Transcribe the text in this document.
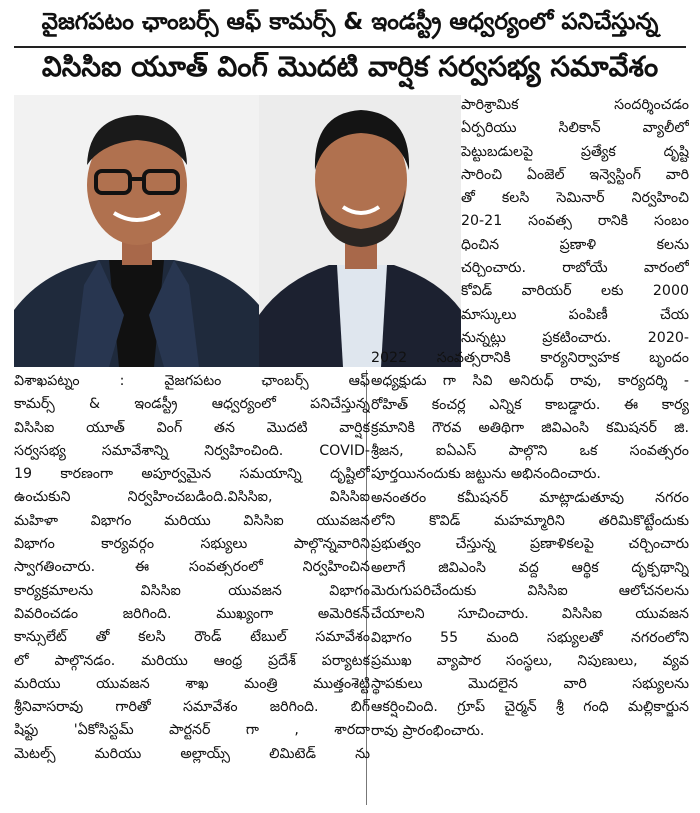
వైజగపటం ఛాంబర్స్ ఆఫ్ కామర్స్ & ఇండస్ట్రీ ఆధ్వర్యంలో పనిచేస్తున్న
విసిసిఐ యూత్ వింగ్ మొదటి వార్షిక సర్వసభ్య సమావేశం
పారిశ్రామిక సందర్శించడం
ఏర్పరియు సిలికాన్ వ్యాలీలో
పెట్టుబడులపై ప్రత్యేక దృష్టి
సారించి ఏంజెల్ ఇన్వెస్టింగ్ వారి
తో కలసి సెమినార్ నిర్వహించి
20-21 సంవత్స రానికి సంబం
ధించిన ప్రణాళి కలను
చర్చించారు. రాబోయే వారంలో
కోవిడ్ వారియర్ లకు 2000
మాస్కులు పంపిణీ చేయ
నున్నట్లు ప్రకటించారు. 2020-
విశాఖపట్నం : వైజగపటం ఛాంబర్స్ ఆఫ్
కామర్స్ & ఇండస్ట్రీ ఆధ్వర్యంలో పనిచేస్తున్న
విసిసిఐ యూత్ వింగ్ తన మొదటి వార్షిక
సర్వసభ్య సమావేశాన్ని నిర్వహించింది. COVID-
19 కారణంగా అపూర్వమైన సమయాన్ని దృష్టిలో
ఉంచుకుని నిర్వహించబడింది.విసిసిఐ, విసిసిఐ
మహిళా విభాగం మరియు విసిసిఐ యువజన
విభాగం కార్యవర్గం సభ్యులు పాల్గొన్నవారిని
స్వాగతించారు. ఈ సంవత్సరంలో నిర్వహించిన
కార్యక్రమాలను విసిసిఐ యువజన విభాగం
వివరించడం జరిగింది. ముఖ్యంగా అమెరికన్
కాన్సులేట్ తో కలసి రౌండ్ టేబుల్ సమావేశం
లో పాల్గొనడం. మరియు ఆంధ్ర ప్రదేశ్ పర్యాటక
మరియు యువజన శాఖ మంత్రి ముత్తంశెట్టి
శ్రీనివాసరావు గారితో సమావేశం జరిగింది. బిగ్
షిఫ్టు 'ఏకోసిస్టమ్ పార్టనర్ గా , శారదా
మెటల్స్ మరియు అల్లాయ్స్ లిమిటెడ్ ను
2022 సంవత్సరానికి కార్యనిర్వాహక బృందం
అధ్యక్షుడు గా సివి అనిరుధ్ రావు, కార్యదర్శి -
రోహిత్ కంచర్ల ఎన్నిక కాబడ్డారు. ఈ కార్య
క్రమానికి గౌరవ అతిథిగా జివిఎంసి కమిషనర్ జి.
శ్రీజన, ఐఏఎస్ పాల్గొని ఒక సంవత్సరం
పూర్తయినందుకు జట్టును అభినందించారు.
అనంతరం కమీషనర్ మాట్లాడుతూవు నగరం
లోని కొవిడ్ మహమ్మారిని తరిమికొట్టేందుకు
ప్రభుత్వం చేస్తున్న ప్రణాళికలపై చర్చించారు
అలాగే జివిఎంసి వద్ద ఆర్థిక దృక్పథాన్ని
మెరుగుపరిచేందుకు విసిసిఐ ఆలోచనలను
చేయాలని సూచించారు. విసిసిఐ యువజన
విభాగం 55 మంది సభ్యులతో నగరంలోని
ప్రముఖ వ్యాపార సంస్థలు, నిపుణులు, వ్యవ
స్థాపకులు మొదలైన వారి సభ్యులను
ఆకర్షించింది. గ్రూప్ చైర్మన్ శ్రీ గంధి మల్లికార్జున
రావు ప్రారంభించారు.
